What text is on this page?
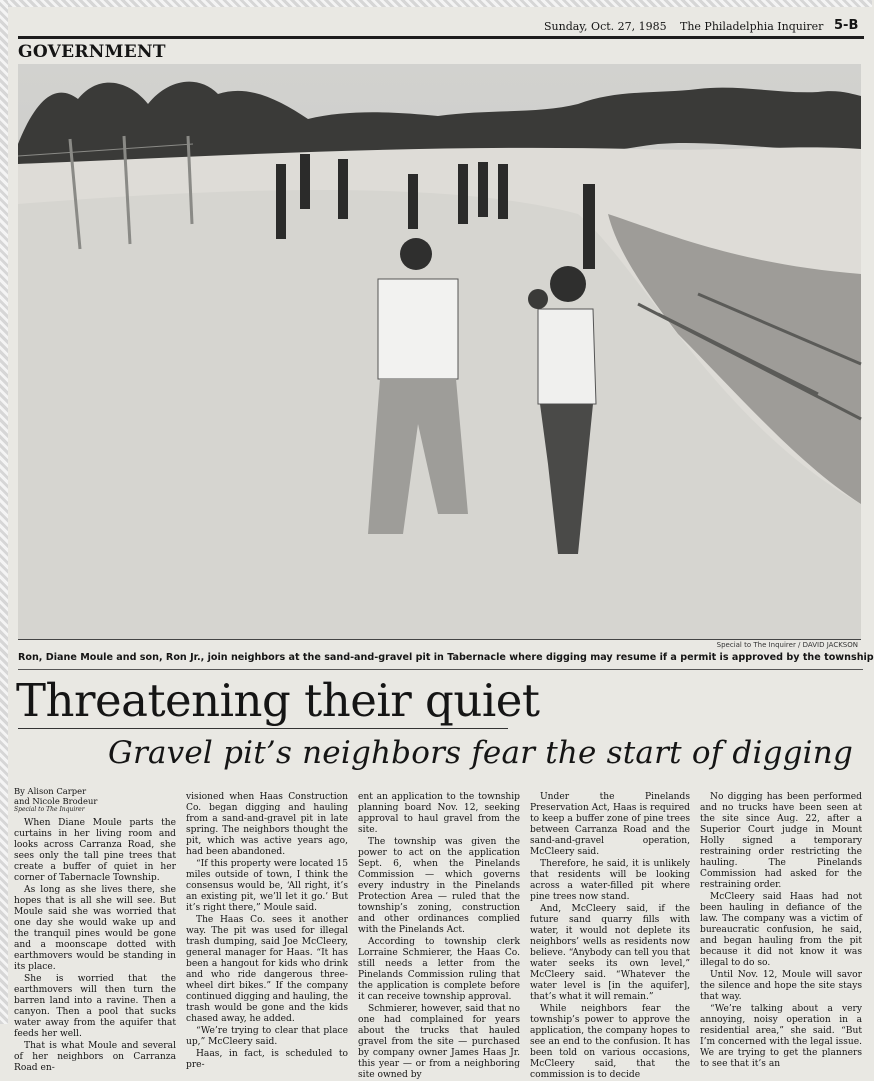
Sunday, Oct. 27, 1985 The Philadelphia Inquirer 5-B
GOVERNMENT
Special to The Inquirer / DAVID JACKSON
Ron, Diane Moule and son, Ron Jr., join neighbors at the sand-and-gravel pit in Tabernacle where digging may resume if a permit is approved by the township
Threatening their quiet
Gravel pit’s neighbors fear the start of digging
By Alison Carper
and Nicole Brodeur
Special to The Inquirer

When Diane Moule parts the curtains in her living room and looks across Carranza Road, she sees only the tall pine trees that create a buffer of quiet in her corner of Tabernacle Township.

As long as she lives there, she hopes that is all she will see. But Moule said she was worried that one day she would wake up and the tranquil pines would be gone and a moonscape dotted with earthmovers would be standing in its place.

She is worried that the earthmovers will then turn the barren land into a ravine. Then a canyon. Then a pool that sucks water away from the aquifer that feeds her well.

That is what Moule and several of her neighbors on Carranza Road en-

visioned when Haas Construction Co. began digging and hauling from a sand-and-gravel pit in late spring. The neighbors thought the pit, which was active years ago, had been abandoned.

“If this property were located 15 miles outside of town, I think the consensus would be, ‘All right, it’s an existing pit, we’ll let it go.’ But it’s right there,” Moule said.

The Haas Co. sees it another way. The pit was used for illegal trash dumping, said Joe McCleery, general manager for Haas. “It has been a hangout for kids who drink and who ride dangerous three-wheel dirt bikes.” If the company continued digging and hauling, the trash would be gone and the kids chased away, he added.

“We’re trying to clear that place up,” McCleery said.

Haas, in fact, is scheduled to pre-

ent an application to the township planning board Nov. 12, seeking approval to haul gravel from the site.

The township was given the power to act on the application Sept. 6, when the Pinelands Commission — which governs every industry in the Pinelands Protection Area — ruled that the township’s zoning, construction and other ordinances complied with the Pinelands Act.

According to township clerk Lorraine Schmierer, the Haas Co. still needs a letter from the Pinelands Commission ruling that the application is complete before it can receive township approval.

Schmierer, however, said that no one had complained for years about the trucks that hauled gravel from the site — purchased by company owner James Haas Jr. this year — or from a neighboring site owned by

Under the Pinelands Preservation Act, Haas is required to keep a buffer zone of pine trees between Carranza Road and the sand-and-gravel operation, McCleery said.

Therefore, he said, it is unlikely that residents will be looking across a water-filled pit where pine trees now stand.

And, McCleery said, if the future sand quarry fills with water, it would not deplete its neighbors’ wells as residents now believe. “Anybody can tell you that water seeks its own level,” McCleery said. “Whatever the water level is [in the aquifer], that’s what it will remain.”

While neighbors fear the township’s power to approve the application, the company hopes to see an end to the confusion. It has been told on various occasions, McCleery said, that the commission is to decide

No digging has been performed and no trucks have been seen at the site since Aug. 22, after a Superior Court judge in Mount Holly signed a temporary restraining order restricting the hauling. The Pinelands Commission had asked for the restraining order.

McCleery said Haas had not been hauling in defiance of the law. The company was a victim of bureaucratic confusion, he said, and began hauling from the pit because it did not know it was illegal to do so.

Until Nov. 12, Moule will savor the silence and hope the site stays that way.

“We’re talking about a very annoying, noisy operation in a residential area,” she said. “But I’m concerned with the legal issue. We are trying to get the planners to see that it’s an
